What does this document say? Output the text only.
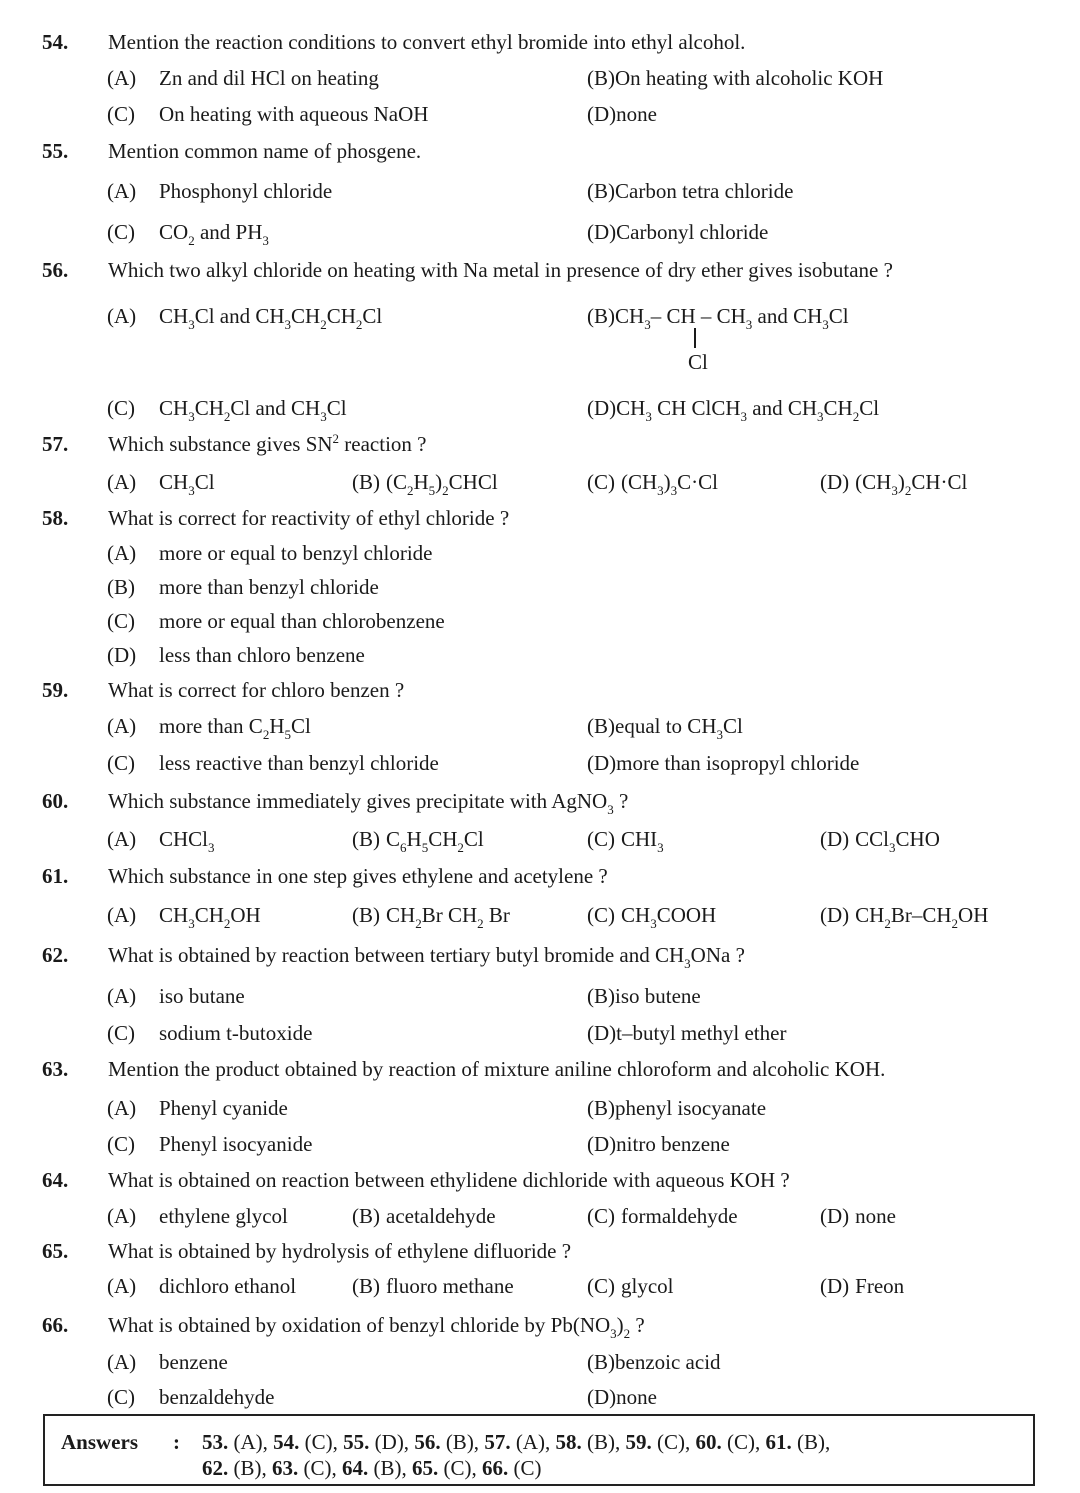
Answers : 53. (A), 54. (C), 55. (D), 56. (B), 57. (A), 58. (B), 59. (C), 60. (C), 61. (B),
62. (B), 63. (C), 64. (B), 65. (C), 66. (C)
54. Mention the reaction conditions to convert ethyl bromide into ethyl alcohol.
(A) Zn and dil HCl on heating	(B)On heating with alcoholic KOH
(C) On heating with aqueous NaOH	(D)none
55. Mention common name of phosgene.
(A) Phosphonyl chloride	(B)Carbon tetra chloride
(C) $CO_2$ and $PH_3$	(D)Carbonyl chloride
56. Which two alkyl chloride on heating with Na metal in presence of dry ether gives isobutane ?
(A) $CH_3Cl$ and $CH_3CH_2CH_2Cl$	$(B)CH_3-$ CH – $CH_3$ and $CH_3Cl$
Cl
(C) $CH_3CH_2Cl$ and $CH_3Cl$	$(D)CH_3$ CH ClCH$_3$ and $CH_3CH_2Cl$
57. Which substance gives $SN^2$ reaction ?
(A) $CH_3Cl$	(B) $(C_2H_5)_2CHCl$	(C) $(CH_3)_3C\cdot Cl$	(D) $(CH_3)_2CH\cdot Cl$
58. What is correct for reactivity of ethyl chloride ?
(A) more or equal to benzyl chloride
(B) more than benzyl chloride
(C) more or equal than chlorobenzene
(D) less than chloro benzene
59. What is correct for chloro benzen ?
(A) more than $C_2H_5Cl$	(B)equal to $CH_3Cl$
(C) less reactive than benzyl chloride	(D)more than isopropyl chloride
60. Which substance immediately gives precipitate with AgNO$_3$ ?
(A) CHCl$_3$	(B) $C_6H_5CH_2Cl$	(C) $CHI_3$	(D) CCl$_3$CHO
61. Which substance in one step gives ethylene and acetylene ?
(A) $CH_3CH_2OH$	(B) $CH_2Br$ $CH_2$ Br	(C) $CH_3COOH$	(D) $CH_2Br-CH_2OH$
62. What is obtained by reaction between tertiary butyl bromide and $CH_3ONa$ ?
(A) iso butane	(B)iso butene
(C) sodium t-butoxide	(D)t–butyl methyl ether
63. Mention the product obtained by reaction of mixture aniline chloroform and alcoholic KOH.
(A) Phenyl cyanide	(B)phenyl isocyanate
(C) Phenyl isocyanide	(D)nitro benzene
64. What is obtained on reaction between ethylidene dichloride with aqueous KOH ?
(A) ethylene glycol	(B) acetaldehyde	(C) formaldehyde	(D) none
65. What is obtained by hydrolysis of ethylene difluoride ?
(A) dichloro ethanol	(B) fluoro methane	(C) glycol	(D) Freon
66. What is obtained by oxidation of benzyl chloride by $Pb(NO_3)_2$ ?
(A) benzene	(B)benzoic acid
(C) benzaldehyde	(D)none
